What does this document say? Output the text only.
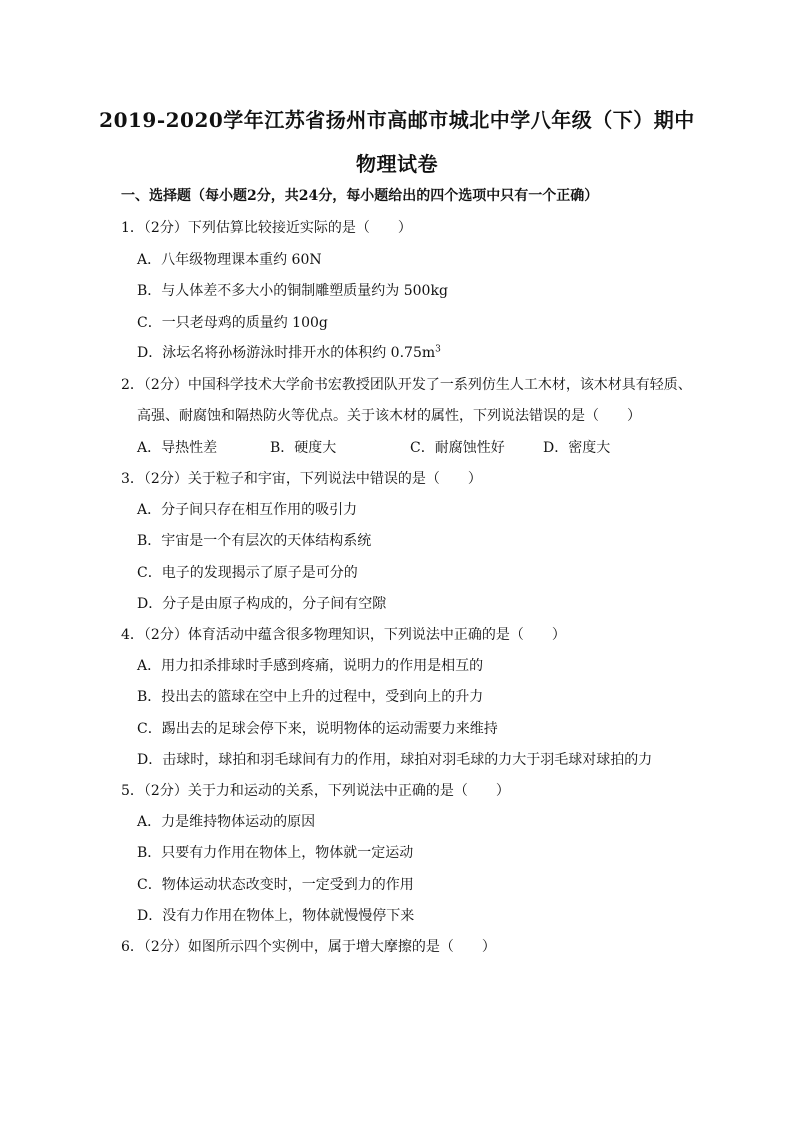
2019-2020学年江苏省扬州市高邮市城北中学八年级（下）期中
物理试卷
一、选择题（每小题2分，共24分，每小题给出的四个选项中只有一个正确）
1．（2分）下列估算比较接近实际的是（　　）
A．八年级物理课本重约 60N
B．与人体差不多大小的铜制雕塑质量约为 500kg
C．一只老母鸡的质量约 100g
D．泳坛名将孙杨游泳时排开水的体积约 $0.75m^3$
2．（2分）中国科学技术大学俞书宏教授团队开发了一系列仿生人工木材，该木材具有轻质、
高强、耐腐蚀和隔热防火等优点。关于该木材的属性，下列说法错误的是（　　）
A．导热性差	B．硬度大	C．耐腐蚀性好	D．密度大
3．（2分）关于粒子和宇宙，下列说法中错误的是（　　）
A．分子间只存在相互作用的吸引力
B．宇宙是一个有层次的天体结构系统
C．电子的发现揭示了原子是可分的
D．分子是由原子构成的，分子间有空隙
4．（2分）体育活动中蕴含很多物理知识，下列说法中正确的是（　　）
A．用力扣杀排球时手感到疼痛，说明力的作用是相互的
B．投出去的篮球在空中上升的过程中，受到向上的升力
C．踢出去的足球会停下来，说明物体的运动需要力来维持
D．击球时，球拍和羽毛球间有力的作用，球拍对羽毛球的力大于羽毛球对球拍的力
5．（2分）关于力和运动的关系，下列说法中正确的是（　　）
A．力是维持物体运动的原因
B．只要有力作用在物体上，物体就一定运动
C．物体运动状态改变时，一定受到力的作用
D．没有力作用在物体上，物体就慢慢停下来
6．（2分）如图所示四个实例中，属于增大摩擦的是（　　）
